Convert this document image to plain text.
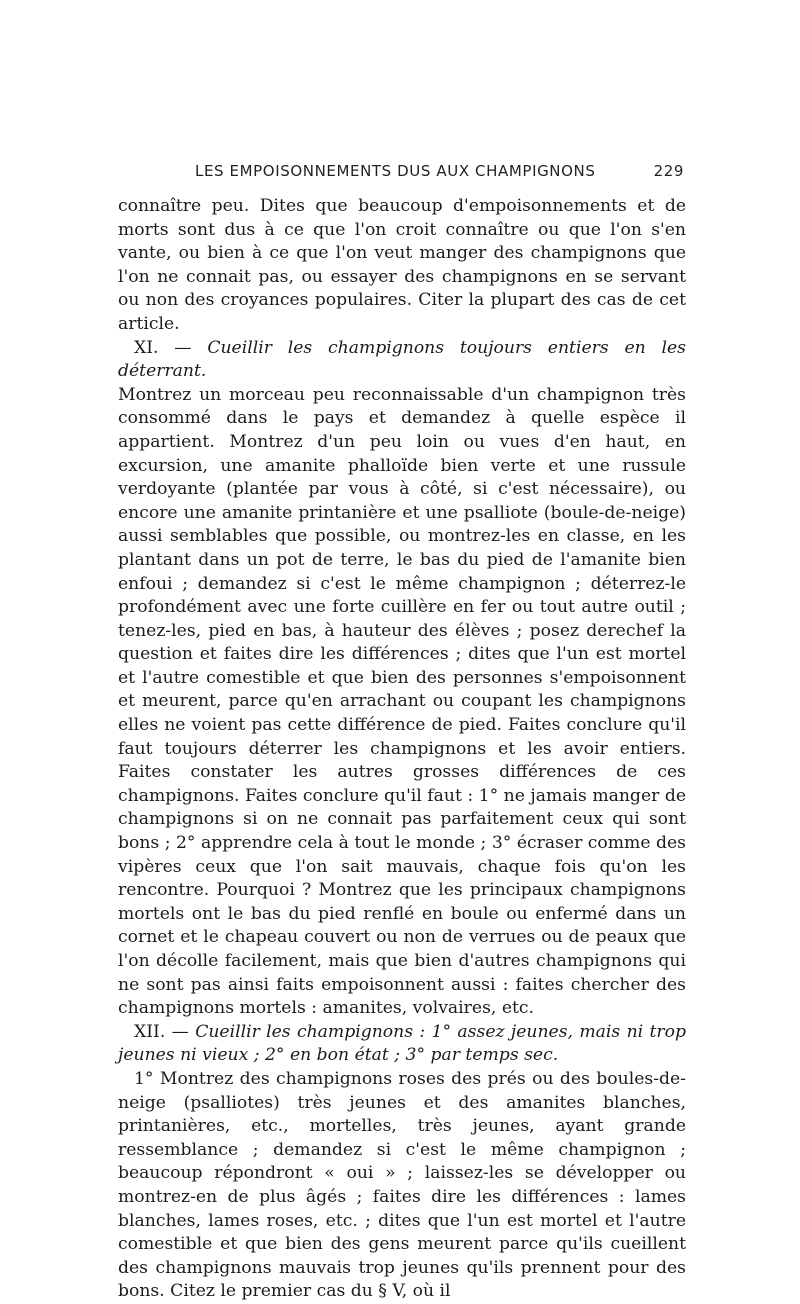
LES EMPOISONNEMENTS DUS AUX CHAMPIGNONS	229

connaître peu. Dites que beaucoup d'empoisonnements et de morts sont dus à ce que l'on croit connaître ou que l'on s'en vante, ou bien à ce que l'on veut manger des champignons que l'on ne connait pas, ou essayer des champignons en se servant ou non des croyances populaires. Citer la plupart des cas de cet article.

XI. — Cueillir les champignons toujours entiers en les déterrant.

Montrez un morceau peu reconnaissable d'un champignon très consommé dans le pays et demandez à quelle espèce il appartient. Montrez d'un peu loin ou vues d'en haut, en excursion, une amanite phalloïde bien verte et une russule verdoyante (plantée par vous à côté, si c'est nécessaire), ou encore une amanite printanière et une psalliote (boule-de-neige) aussi semblables que possible, ou montrez-les en classe, en les plantant dans un pot de terre, le bas du pied de l'amanite bien enfoui ; demandez si c'est le même champignon ; déterrez-le profondément avec une forte cuillère en fer ou tout autre outil ; tenez-les, pied en bas, à hauteur des élèves ; posez derechef la question et faites dire les différences ; dites que l'un est mortel et l'autre comestible et que bien des personnes s'empoisonnent et meurent, parce qu'en arrachant ou coupant les champignons elles ne voient pas cette différence de pied. Faites conclure qu'il faut toujours déterrer les champignons et les avoir entiers. Faites constater les autres grosses différences de ces champignons. Faites conclure qu'il faut : 1° ne jamais manger de champignons si on ne connait pas parfaitement ceux qui sont bons ; 2° apprendre cela à tout le monde ; 3° écraser comme des vipères ceux que l'on sait mauvais, chaque fois qu'on les rencontre. Pourquoi ? Montrez que les principaux champignons mortels ont le bas du pied renflé en boule ou enfermé dans un cornet et le chapeau couvert ou non de verrues ou de peaux que l'on décolle facilement, mais que bien d'autres champignons qui ne sont pas ainsi faits empoisonnent aussi : faites chercher des champignons mortels : amanites, volvaires, etc.

XII. — Cueillir les champignons : 1° assez jeunes, mais ni trop jeunes ni vieux ; 2° en bon état ; 3° par temps sec.

1° Montrez des champignons roses des prés ou des boules-de-neige (psalliotes) très jeunes et des amanites blanches, printanières, etc., mortelles, très jeunes, ayant grande ressemblance ; demandez si c'est le même champignon ; beaucoup répondront « oui » ; laissez-les se développer ou montrez-en de plus âgés ; faites dire les différences : lames blanches, lames roses, etc. ; dites que l'un est mortel et l'autre comestible et que bien des gens meurent parce qu'ils cueillent des champignons mauvais trop jeunes qu'ils prennent pour des bons. Citez le premier cas du § V, où il
